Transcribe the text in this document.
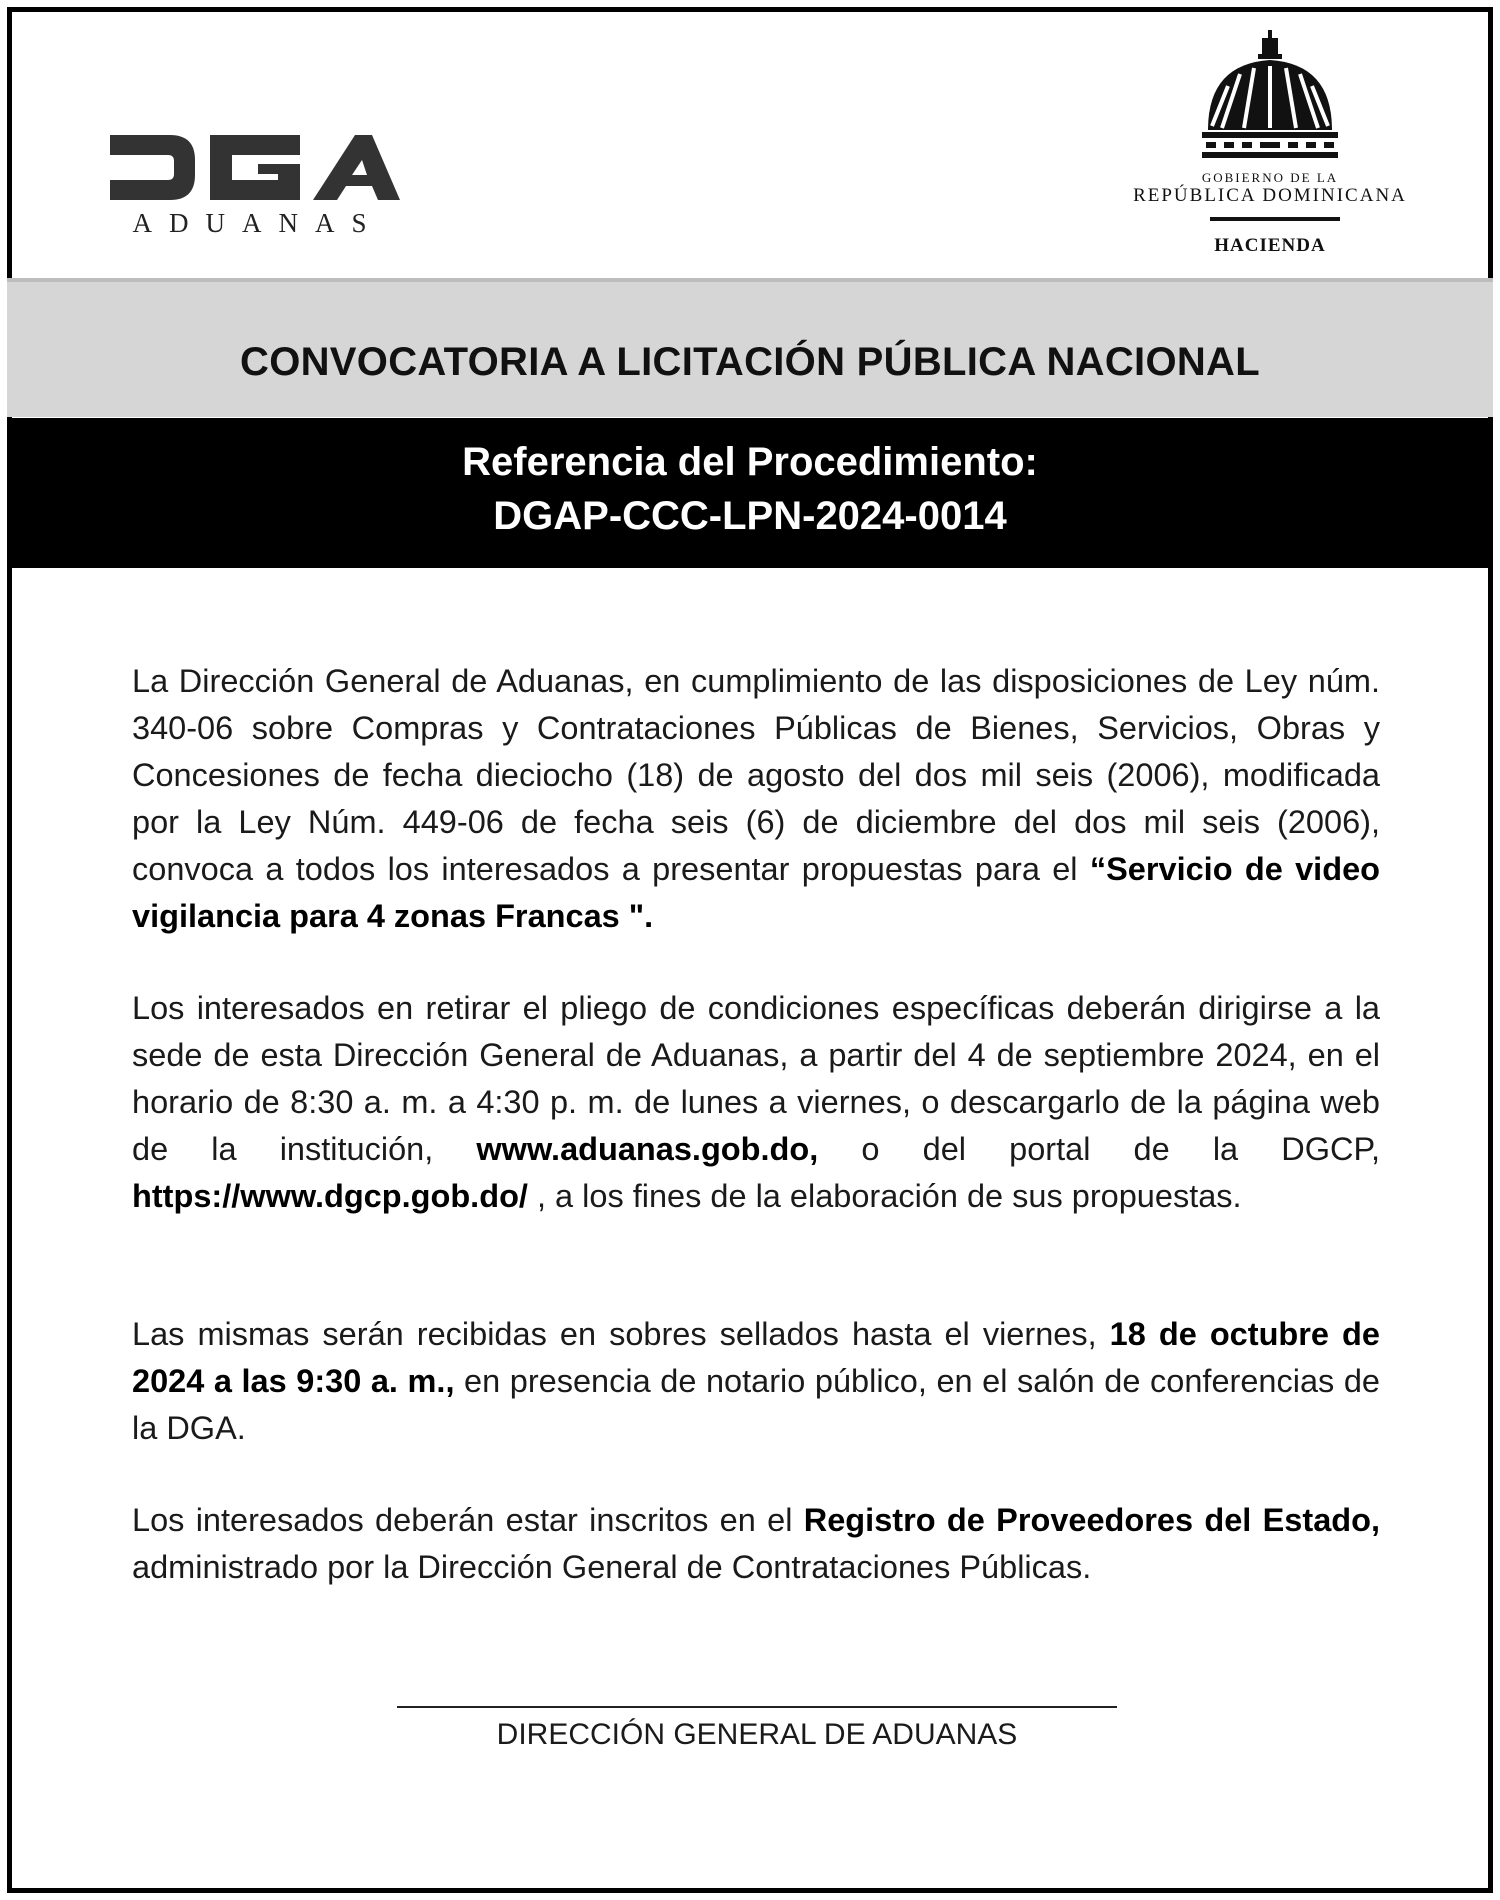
ADUANAS
GOBIERNO DE LA
REPÚBLICA DOMINICANA
HACIENDA
CONVOCATORIA A LICITACIÓN PÚBLICA NACIONAL
Referencia del Procedimiento:
DGAP-CCC-LPN-2024-0014
La Dirección General de Aduanas, en cumplimiento de las disposiciones de Ley núm. 340-06 sobre Compras y Contrataciones Públicas de Bienes, Servicios, Obras y Concesiones de fecha dieciocho (18) de agosto del dos mil seis (2006), modificada por la Ley Núm. 449-06 de fecha seis (6) de diciembre del dos mil seis (2006), convoca a todos los interesados a presentar propuestas para el “Servicio de video vigilancia para 4 zonas Francas ".
Los interesados en retirar el pliego de condiciones específicas deberán dirigirse a la sede de esta Dirección General de Aduanas, a partir del 4 de septiembre 2024, en el horario de 8:30 a. m. a 4:30 p. m. de lunes a viernes, o descargarlo de la página web de la institución, www.aduanas.gob.do, o del portal de la DGCP, https://www.dgcp.gob.do/ , a los fines de la elaboración de sus propuestas.
Las mismas serán recibidas en sobres sellados hasta el viernes, 18 de octubre de 2024 a las 9:30 a. m., en presencia de notario público, en el salón de conferencias de la DGA.
Los interesados deberán estar inscritos en el Registro de Proveedores del Estado, administrado por la Dirección General de Contrataciones Públicas.
DIRECCIÓN GENERAL DE ADUANAS
